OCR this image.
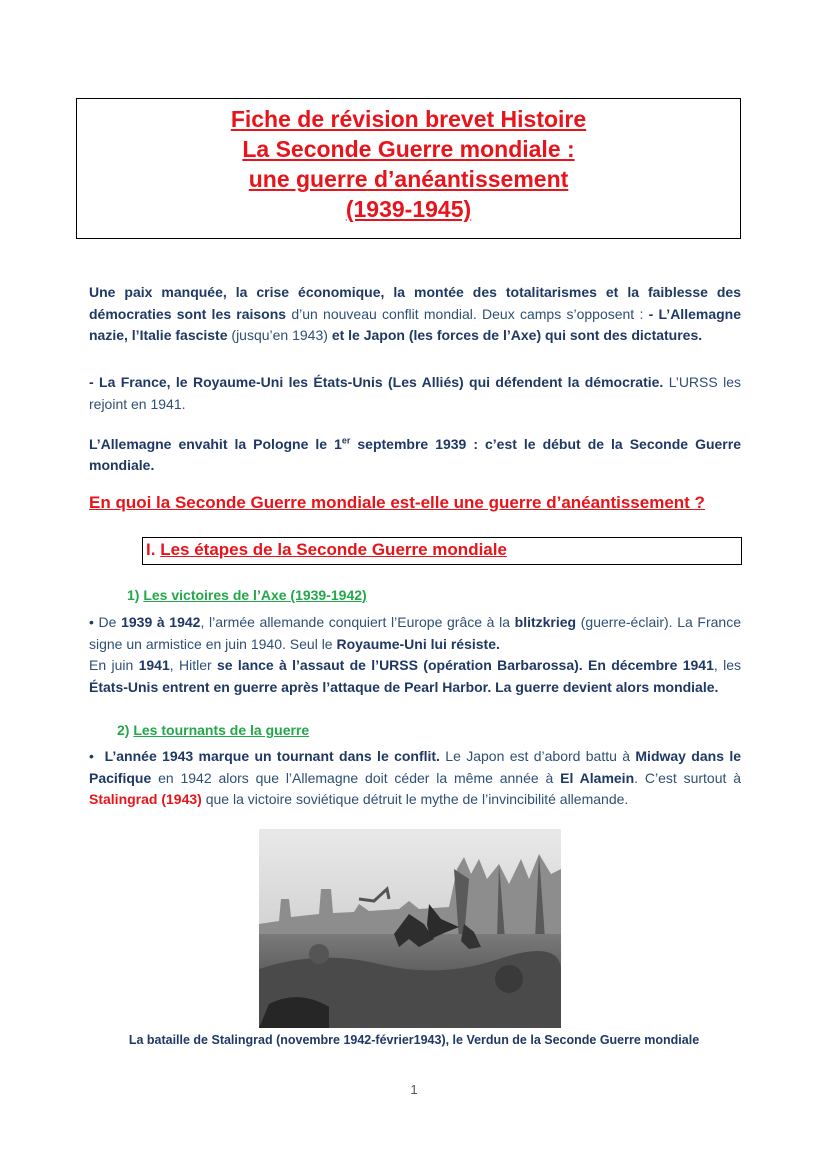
Fiche de révision brevet Histoire
La Seconde Guerre mondiale :
une guerre d’anéantissement
(1939-1945)
Une paix manquée, la crise économique, la montée des totalitarismes et la faiblesse des démocraties sont les raisons d’un nouveau conflit mondial. Deux camps s’opposent : - L’Allemagne nazie, l’Italie fasciste (jusqu’en 1943) et le Japon (les forces de l’Axe) qui sont des dictatures.
- La France, le Royaume-Uni les États-Unis (Les Alliés) qui défendent la démocratie. L’URSS les rejoint en 1941.
L’Allemagne envahit la Pologne le 1er septembre 1939 : c’est le début de la Seconde Guerre mondiale.
En quoi la Seconde Guerre mondiale est-elle une guerre d’anéantissement ?
I. Les étapes de la Seconde Guerre mondiale
1) Les victoires de l’Axe (1939-1942)
• De 1939 à 1942, l’armée allemande conquiert l’Europe grâce à la blitzkrieg (guerre-éclair). La France signe un armistice en juin 1940. Seul le Royaume-Uni lui résiste.
En juin 1941, Hitler se lance à l’assaut de l’URSS (opération Barbarossa). En décembre 1941, les États-Unis entrent en guerre après l’attaque de Pearl Harbor. La guerre devient alors mondiale.
2) Les tournants de la guerre
• L’année 1943 marque un tournant dans le conflit. Le Japon est d’abord battu à Midway dans le Pacifique en 1942 alors que l’Allemagne doit céder la même année à El Alamein. C’est surtout à Stalingrad (1943) que la victoire soviétique détruit le mythe de l’invincibilité allemande.
La bataille de Stalingrad (novembre 1942-février1943), le Verdun de la Seconde Guerre mondiale
1
